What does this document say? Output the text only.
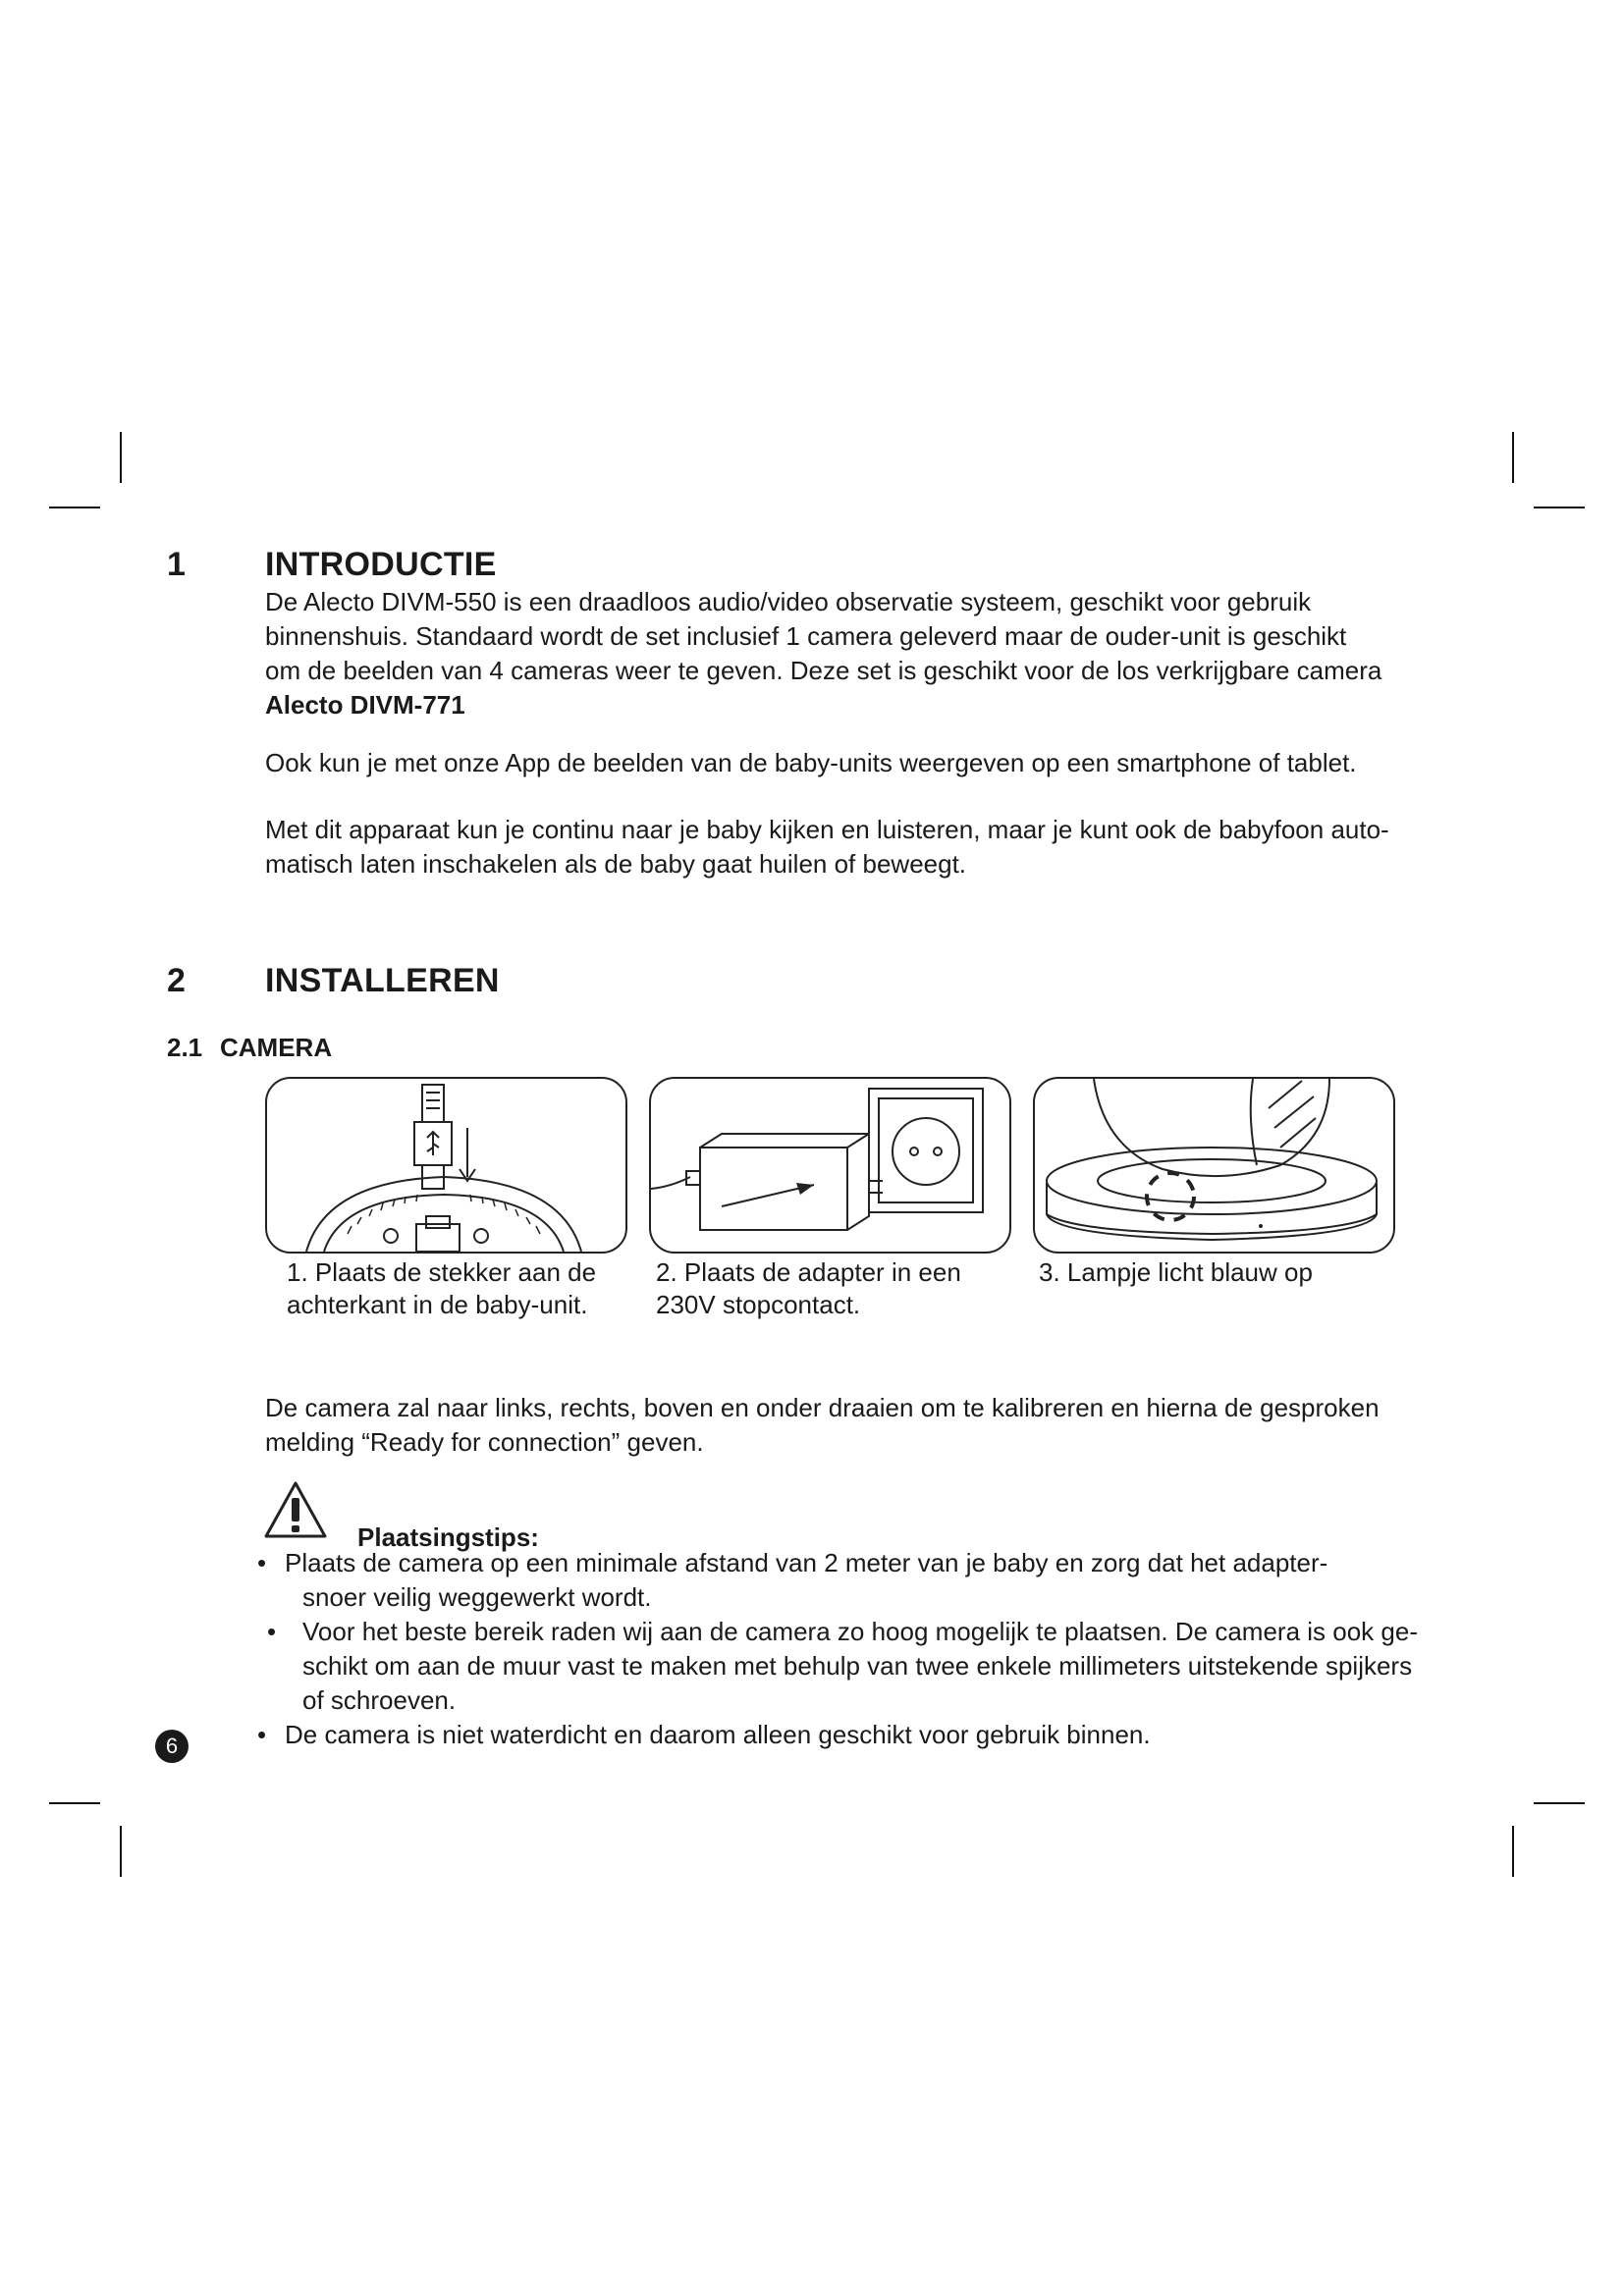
1 INTRODUCTIE
De Alecto DIVM-550 is een draadloos audio/video observatie systeem, geschikt voor gebruik
binnenshuis. Standaard wordt de set inclusief 1 camera geleverd maar de ouder-unit is geschikt
om de beelden van 4 cameras weer te geven. Deze set is geschikt voor de los verkrijgbare camera
Alecto DIVM-771
Ook kun je met onze App de beelden van de baby-units weergeven op een smartphone of tablet.
Met dit apparaat kun je continu naar je baby kijken en luisteren, maar je kunt ook de babyfoon auto-
matisch laten inschakelen als de baby gaat huilen of beweegt.
2 INSTALLEREN
2.1 CAMERA
1. Plaats de stekker aan de
achterkant in de baby-unit.
2. Plaats de adapter in een
230V stopcontact.
3. Lampje licht blauw op
De camera zal naar links, rechts, boven en onder draaien om te kalibreren en hierna de gesproken
melding “Ready for connection” geven.
Plaatsingstips:
• Plaats de camera op een minimale afstand van 2 meter van je baby en zorg dat het adapter-
snoer veilig weggewerkt wordt.
• Voor het beste bereik raden wij aan de camera zo hoog mogelijk te plaatsen. De camera is ook ge-
schikt om aan de muur vast te maken met behulp van twee enkele millimeters uitstekende spijkers
of schroeven.
• De camera is niet waterdicht en daarom alleen geschikt voor gebruik binnen.
6
